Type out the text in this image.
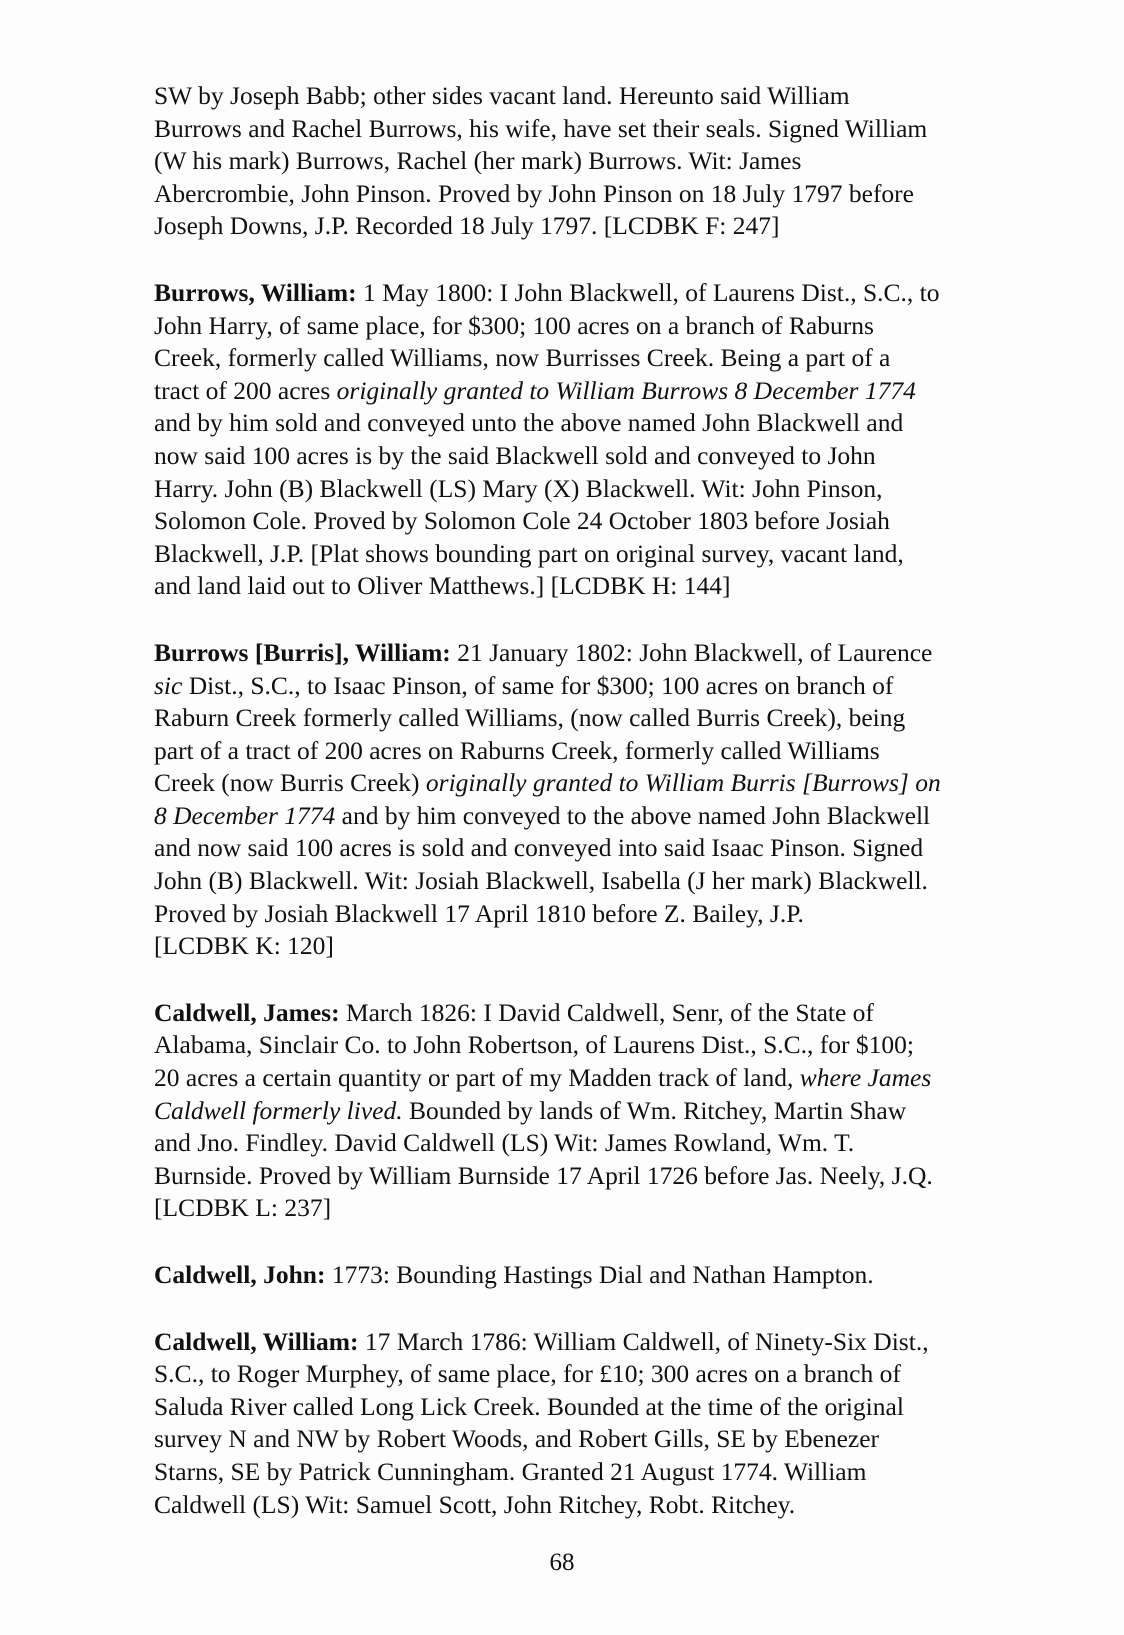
SW by Joseph Babb; other sides vacant land. Hereunto said William
Burrows and Rachel Burrows, his wife, have set their seals. Signed William
(W his mark) Burrows, Rachel (her mark) Burrows. Wit: James
Abercrombie, John Pinson. Proved by John Pinson on 18 July 1797 before
Joseph Downs, J.P. Recorded 18 July 1797. [LCDBK F: 247]

Burrows, William: 1 May 1800: I John Blackwell, of Laurens Dist., S.C., to
John Harry, of same place, for $300; 100 acres on a branch of Raburns
Creek, formerly called Williams, now Burrisses Creek. Being a part of a
tract of 200 acres originally granted to William Burrows 8 December 1774
and by him sold and conveyed unto the above named John Blackwell and
now said 100 acres is by the said Blackwell sold and conveyed to John
Harry. John (B) Blackwell (LS) Mary (X) Blackwell. Wit: John Pinson,
Solomon Cole. Proved by Solomon Cole 24 October 1803 before Josiah
Blackwell, J.P. [Plat shows bounding part on original survey, vacant land,
and land laid out to Oliver Matthews.] [LCDBK H: 144]

Burrows [Burris], William: 21 January 1802: John Blackwell, of Laurence
sic Dist., S.C., to Isaac Pinson, of same for $300; 100 acres on branch of
Raburn Creek formerly called Williams, (now called Burris Creek), being
part of a tract of 200 acres on Raburns Creek, formerly called Williams
Creek (now Burris Creek) originally granted to William Burris [Burrows] on
8 December 1774 and by him conveyed to the above named John Blackwell
and now said 100 acres is sold and conveyed into said Isaac Pinson. Signed
John (B) Blackwell. Wit: Josiah Blackwell, Isabella (J her mark) Blackwell.
Proved by Josiah Blackwell 17 April 1810 before Z. Bailey, J.P.
[LCDBK K: 120]

Caldwell, James: March 1826: I David Caldwell, Senr, of the State of
Alabama, Sinclair Co. to John Robertson, of Laurens Dist., S.C., for $100;
20 acres a certain quantity or part of my Madden track of land, where James
Caldwell formerly lived. Bounded by lands of Wm. Ritchey, Martin Shaw
and Jno. Findley. David Caldwell (LS) Wit: James Rowland, Wm. T.
Burnside. Proved by William Burnside 17 April 1726 before Jas. Neely, J.Q.
[LCDBK L: 237]

Caldwell, John: 1773: Bounding Hastings Dial and Nathan Hampton.

Caldwell, William: 17 March 1786: William Caldwell, of Ninety-Six Dist.,
S.C., to Roger Murphey, of same place, for £10; 300 acres on a branch of
Saluda River called Long Lick Creek. Bounded at the time of the original
survey N and NW by Robert Woods, and Robert Gills, SE by Ebenezer
Starns, SE by Patrick Cunningham. Granted 21 August 1774. William
Caldwell (LS) Wit: Samuel Scott, John Ritchey, Robt. Ritchey.

68
